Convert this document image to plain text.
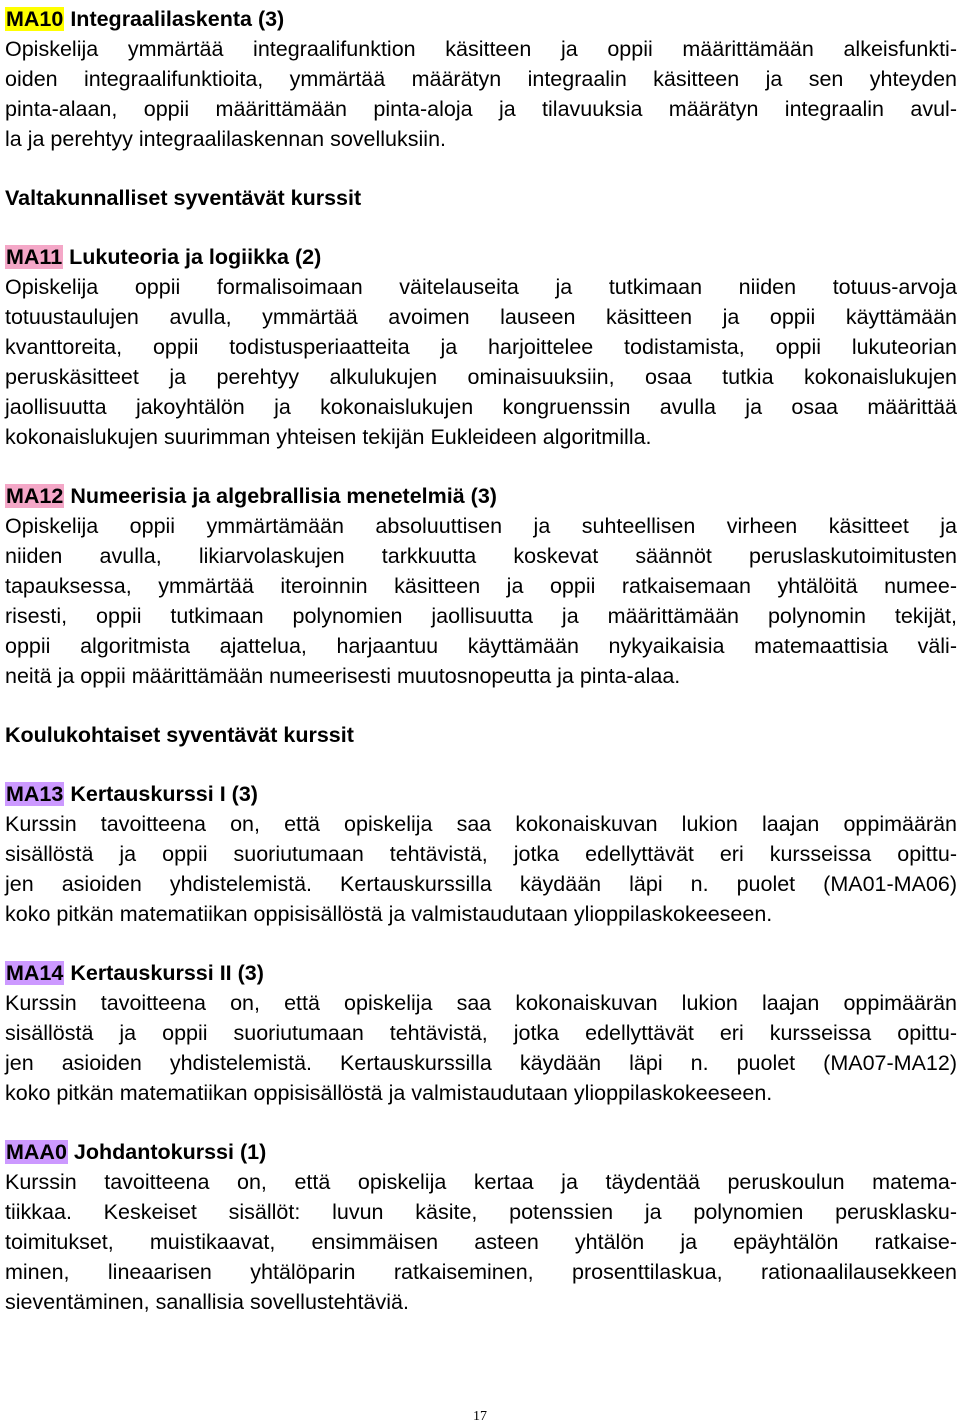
MA10 Integraalilaskenta (3)

Opiskelija ymmärtää integraalifunktion käsitteen ja oppii määrittämään alkeisfunkti-
oiden integraalifunktioita, ymmärtää määrätyn integraalin käsitteen ja sen yhteyden
pinta-alaan, oppii määrittämään pinta-aloja ja tilavuuksia määrätyn integraalin avul-
la ja perehtyy integraalilaskennan sovelluksiin.

Valtakunnalliset syventävät kurssit

MA11 Lukuteoria ja logiikka (2)

Opiskelija oppii formalisoimaan väitelauseita ja tutkimaan niiden totuus-arvoja
totuustaulujen avulla, ymmärtää avoimen lauseen käsitteen ja oppii käyttämään
kvanttoreita, oppii todistusperiaatteita ja harjoittelee todistamista, oppii lukuteorian
peruskäsitteet ja perehtyy alkulukujen ominaisuuksiin, osaa tutkia kokonaislukujen
jaollisuutta jakoyhtälön ja kokonaislukujen kongruenssin avulla ja osaa määrittää
kokonaislukujen suurimman yhteisen tekijän Eukleideen algoritmilla.

MA12 Numeerisia ja algebrallisia menetelmiä (3)

Opiskelija oppii ymmärtämään absoluuttisen ja suhteellisen virheen käsitteet ja
niiden avulla, likiarvolaskujen tarkkuutta koskevat säännöt peruslaskutoimitusten
tapauksessa, ymmärtää iteroinnin käsitteen ja oppii ratkaisemaan yhtälöitä numee-
risesti, oppii tutkimaan polynomien jaollisuutta ja määrittämään polynomin tekijät,
oppii algoritmista ajattelua, harjaantuu käyttämään nykyaikaisia matemaattisia väli-
neitä ja oppii määrittämään numeerisesti muutosnopeutta ja pinta-alaa.

Koulukohtaiset syventävät kurssit

MA13 Kertauskurssi I (3)

Kurssin tavoitteena on, että opiskelija saa kokonaiskuvan lukion laajan oppimäärän
sisällöstä ja oppii suoriutumaan tehtävistä, jotka edellyttävät eri kursseissa opittu-
jen asioiden yhdistelemistä. Kertauskurssilla käydään läpi n. puolet (MA01-MA06)
koko pitkän matematiikan oppisisällöstä ja valmistaudutaan ylioppilaskokeeseen.

MA14 Kertauskurssi II (3)

Kurssin tavoitteena on, että opiskelija saa kokonaiskuvan lukion laajan oppimäärän
sisällöstä ja oppii suoriutumaan tehtävistä, jotka edellyttävät eri kursseissa opittu-
jen asioiden yhdistelemistä. Kertauskurssilla käydään läpi n. puolet (MA07-MA12)
koko pitkän matematiikan oppisisällöstä ja valmistaudutaan ylioppilaskokeeseen.

MAA0 Johdantokurssi (1)

Kurssin tavoitteena on, että opiskelija kertaa ja täydentää peruskoulun matema-
tiikkaa. Keskeiset sisällöt: luvun käsite, potenssien ja polynomien perusklasku-
toimitukset, muistikaavat, ensimmäisen asteen yhtälön ja epäyhtälön ratkaise-
minen, lineaarisen yhtälöparin ratkaiseminen, prosenttilaskua, rationaalilausekkeen
sieventäminen, sanallisia sovellustehtäviä.

17
